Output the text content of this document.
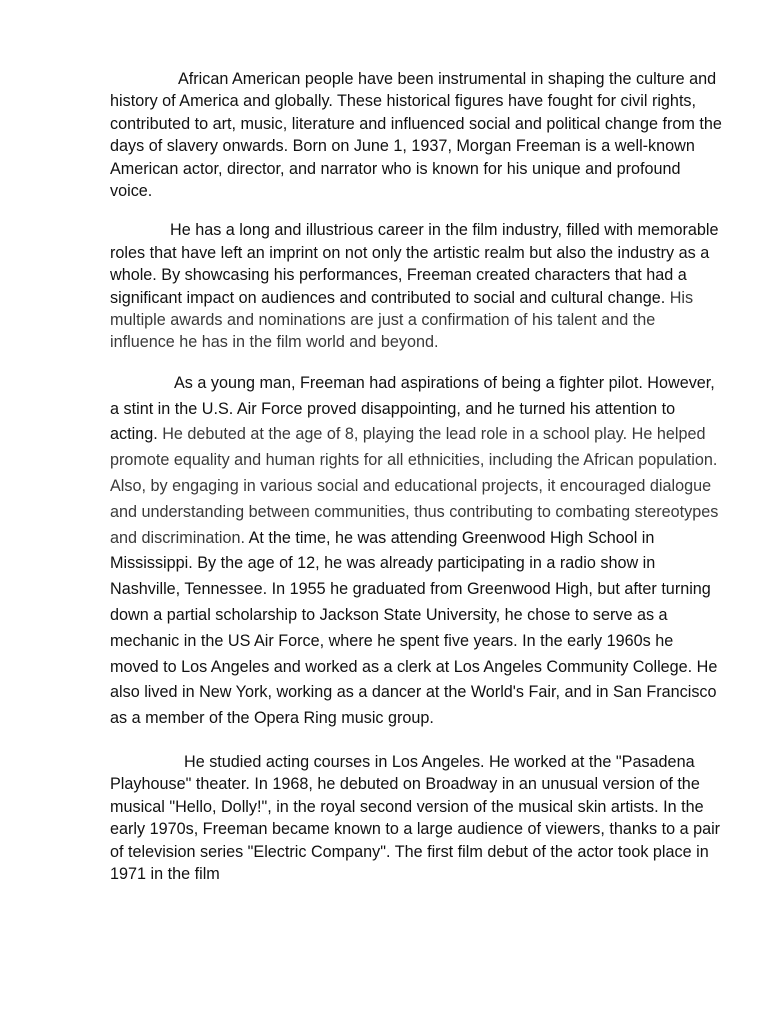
African American people have been instrumental in shaping the culture and history of America and globally. These historical figures have fought for civil rights, contributed to art, music, literature and influenced social and political change from the days of slavery onwards. Born on June 1, 1937, Morgan Freeman is a well-known American actor, director, and narrator who is known for his unique and profound voice.

He has a long and illustrious career in the film industry, filled with memorable roles that have left an imprint on not only the artistic realm but also the industry as a whole. By showcasing his performances, Freeman created characters that had a significant impact on audiences and contributed to social and cultural change. His multiple awards and nominations are just a confirmation of his talent and the influence he has in the film world and beyond.

As a young man, Freeman had aspirations of being a fighter pilot. However, a stint in the U.S. Air Force proved disappointing, and he turned his attention to acting. He debuted at the age of 8, playing the lead role in a school play. He helped promote equality and human rights for all ethnicities, including the African population. Also, by engaging in various social and educational projects, it encouraged dialogue and understanding between communities, thus contributing to combating stereotypes and discrimination. At the time, he was attending Greenwood High School in Mississippi. By the age of 12, he was already participating in a radio show in Nashville, Tennessee. In 1955 he graduated from Greenwood High, but after turning down a partial scholarship to Jackson State University, he chose to serve as a mechanic in the US Air Force, where he spent five years. In the early 1960s he moved to Los Angeles and worked as a clerk at Los Angeles Community College. He also lived in New York, working as a dancer at the World's Fair, and in San Francisco as a member of the Opera Ring music group.

He studied acting courses in Los Angeles. He worked at the "Pasadena Playhouse" theater. In 1968, he debuted on Broadway in an unusual version of the musical "Hello, Dolly!", in the royal second version of the musical skin artists. In the early 1970s, Freeman became known to a large audience of viewers, thanks to a pair of television series "Electric Company". The first film debut of the actor took place in 1971 in the film
